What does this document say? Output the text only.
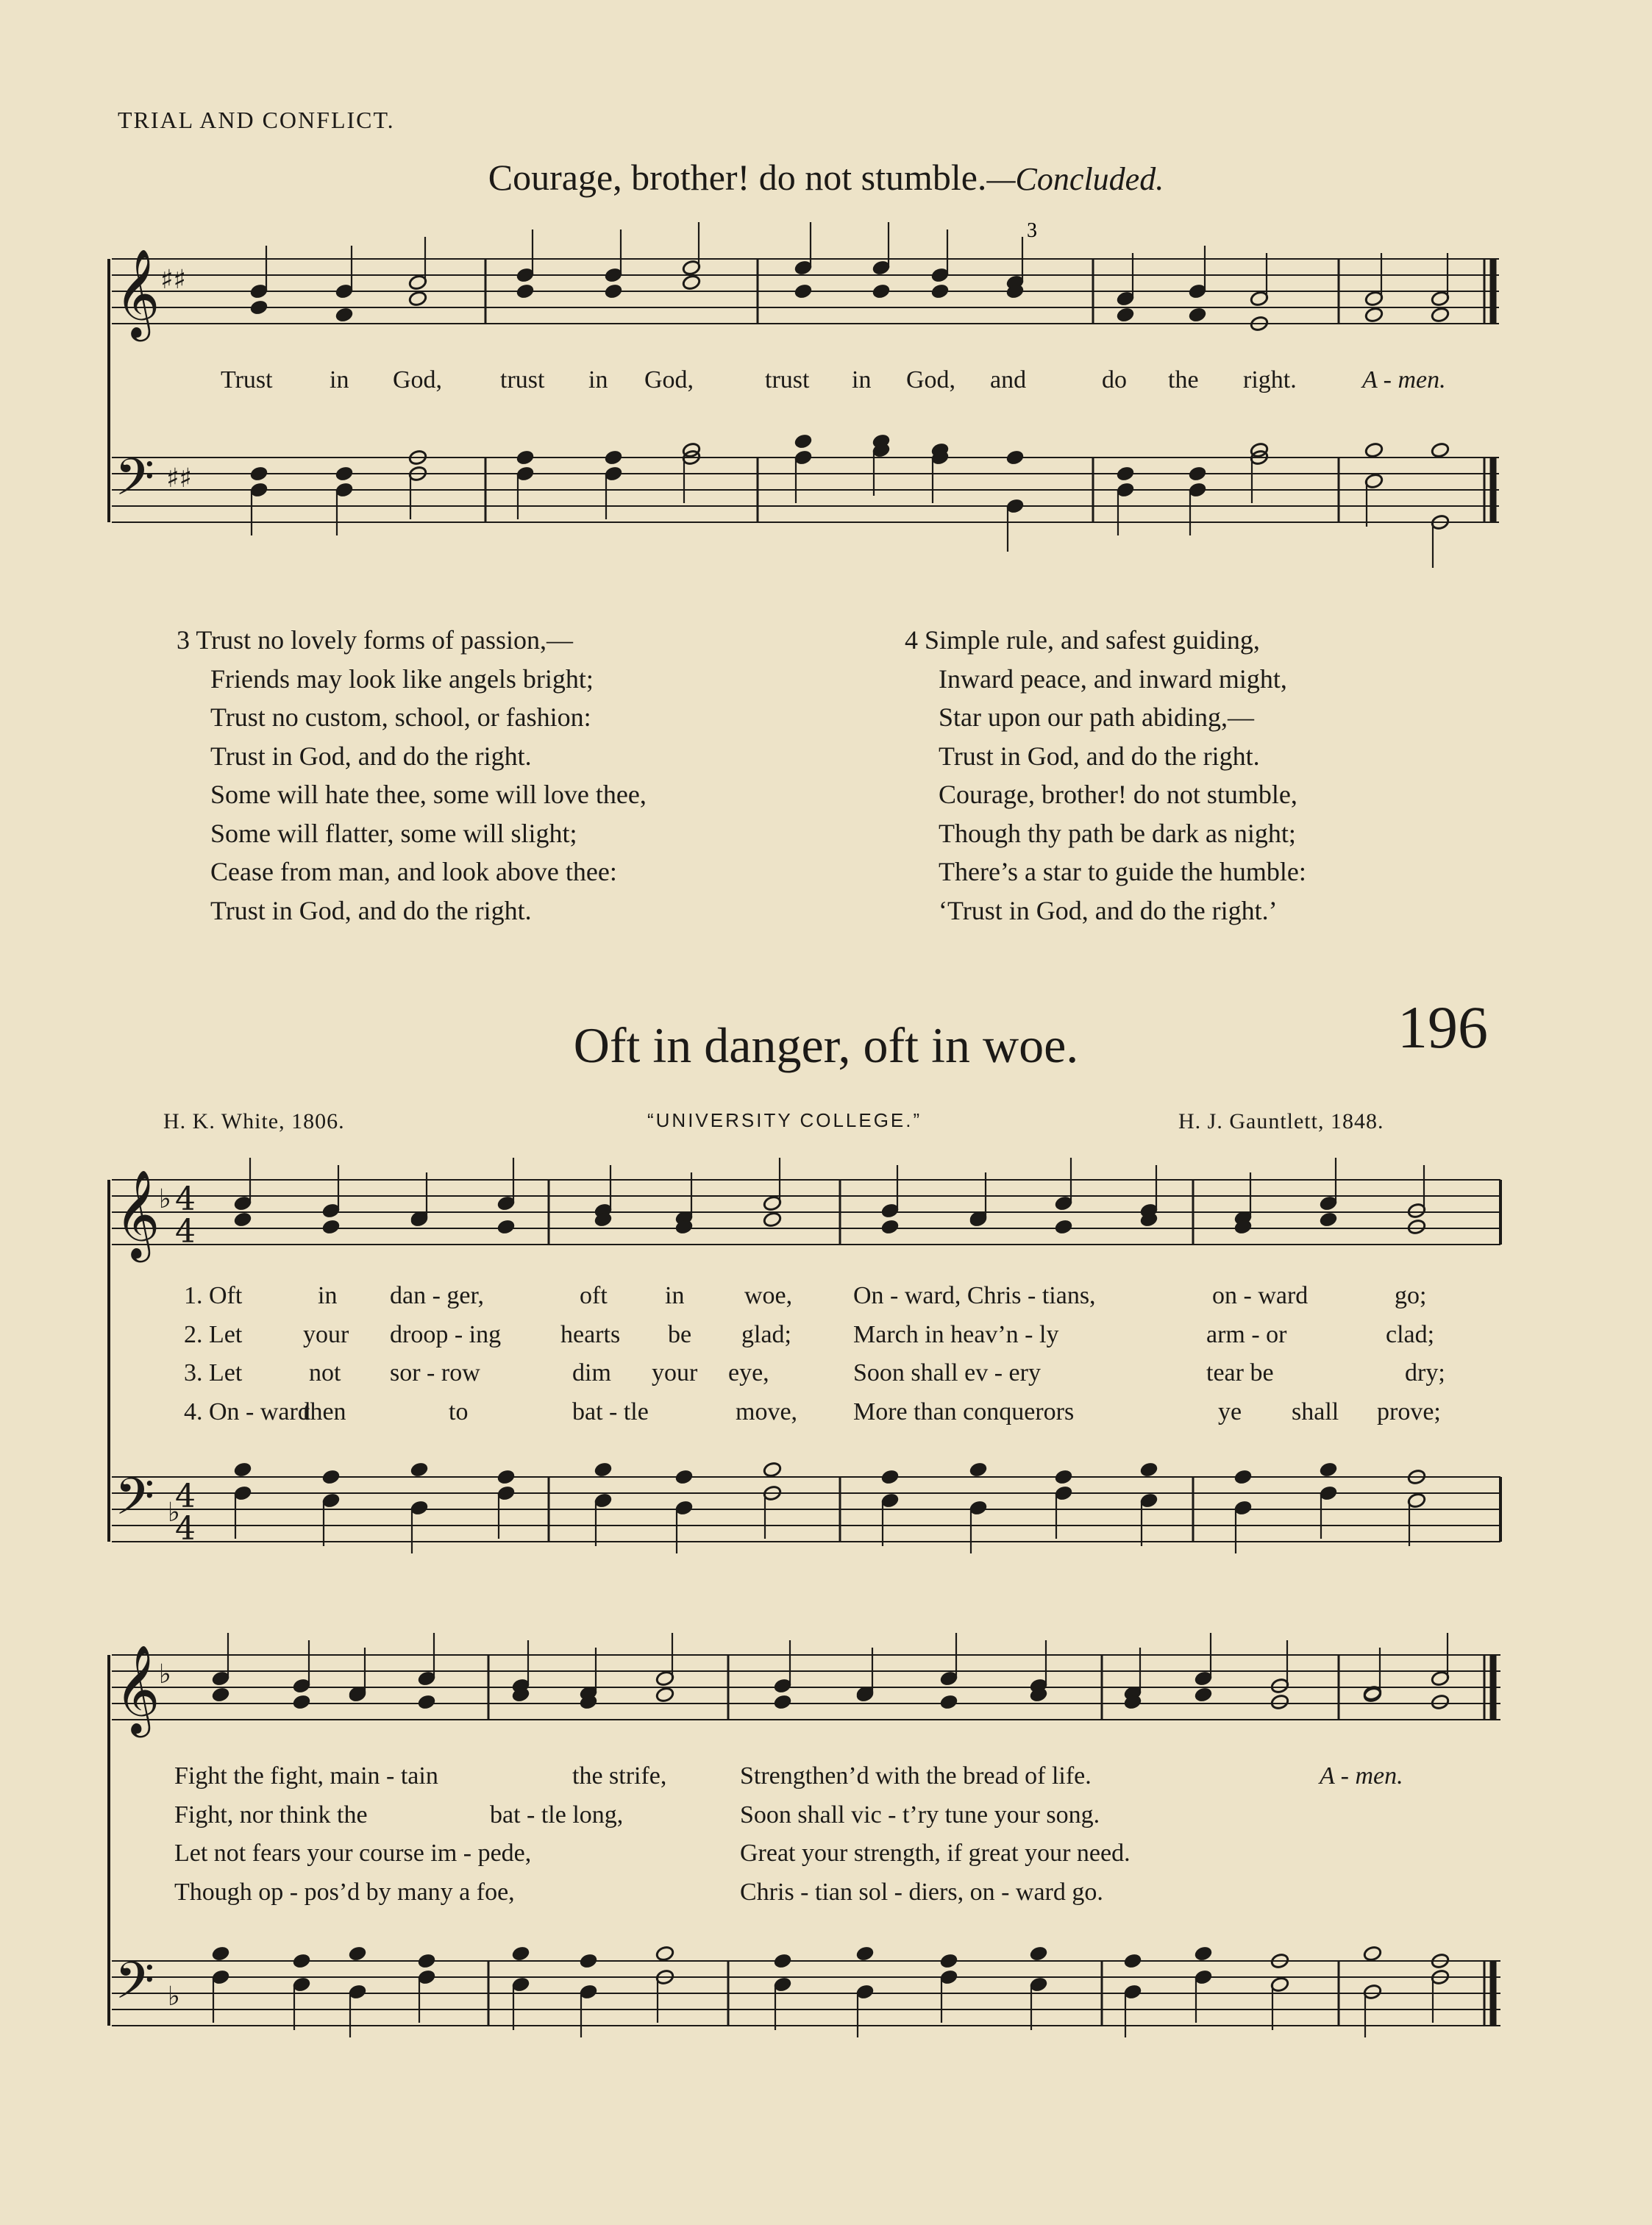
TRIAL AND CONFLICT.
Courage, brother! do not stumble.—Concluded.
𝄞
𝄢
♯♯
♯♯
𝄞
𝄢
♭
♭
4
4
4
4
𝄞
𝄢
♭
♭
3
Trust in God, trust in God,	trust in God, and	do the right.	A - men.
3 Trust no lovely forms of passion,—
Friends may look like angels bright;
Trust no custom, school, or fashion:
Trust in God, and do the right.
Some will hate thee, some will love thee,
Some will flatter, some will slight;
Cease from man, and look above thee:
Trust in God, and do the right.
4 Simple rule, and safest guiding,
Inward peace, and inward might,
Star upon our path abiding,—
Trust in God, and do the right.
Courage, brother! do not stumble,
Though thy path be dark as night;
There’s a star to guide the humble:
‘Trust in God, and do the right.’
Oft in danger, oft in woe.	196
H. K. White, 1806.	“UNIVERSITY COLLEGE.”	H. J. Gauntlett, 1848.
1. Oft	in dan - ger,	oft in woe, On - ward, Chris - tians,	on - ward	go;
2. Let your droop - ing hearts be glad; March in heav’n - ly	arm - or	clad;
3. Let	not sor - row	dim your eye,	Soon shall ev - ery	tear be	dry;
4. On - ward
then	to	bat - tle	move, More than conquerors	ye shall prove;
Fight the fight, main - tain	the strife,	Strengthen’d with the bread of life.	A - men.
Fight, nor think the	bat - tle long,	Soon shall vic - t’ry tune your song.
Let not fears your course im - pede,	Great your strength, if great your need.
Though op - pos’d by many a foe,	Chris - tian sol - diers, on - ward go.
